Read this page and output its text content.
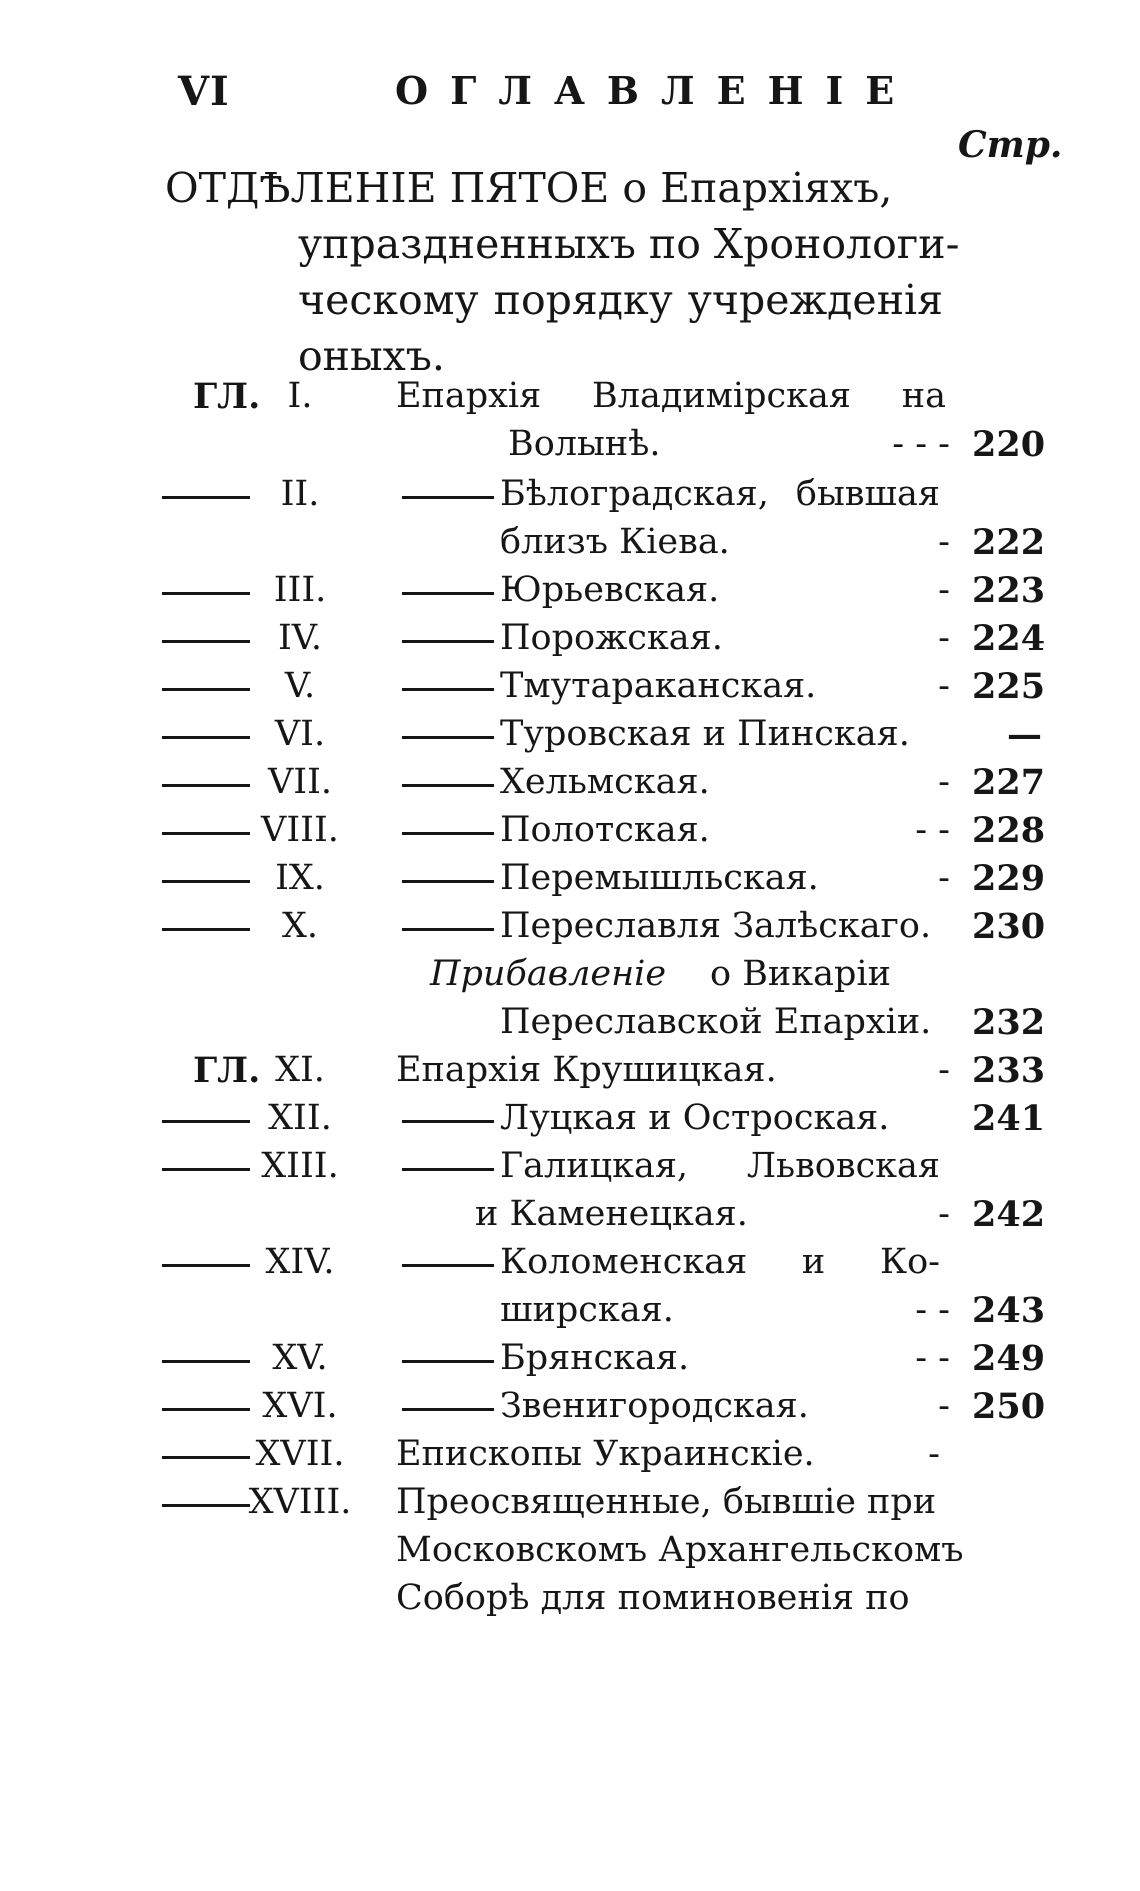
VI	ОГЛАВЛЕНІЕ
Стр.
ОТДѢЛЕНІЕ ПЯТОЕ о Епархіяхъ,
упраздненныхъ по Хронологи-
ческому порядку учрежденія
оныхъ.
ГЛ. I.	Епархія Владимірская на
Волынѣ.	- - - 220
II.	Бѣлоградская, бывшая
близъ Кіева.	- 222
III.	Юрьевская.	- 223
IV.	Порожская.	- 224
V.	Тмутараканская.	- 225
VI.	Туровская и Пинская.	—
VII.	Хельмская.	- 227
VIII.	Полотская.	- - 228
IX.	Перемышльская.	- 229
X.	Переславля Залѣскаго. 230
Прибавленіе о Викаріи
Переславской Епархіи. 232
ГЛ. XI.	Епархія Крушицкая.	- 233
XII.	Луцкая и Остроская. 241
XIII.	Галицкая, Львовская
и Каменецкая.	- 242
XIV.	Коломенская и Ко-
ширская.	- - 243
XV.	Брянская.	- - 249
XVI.	Звенигородская.	- 250
XVII.	Епископы Украинскіе.	-
XVIII.	Преосвященные, бывшіе при
Московскомъ Архангельскомъ
Соборѣ для поминовенія по
